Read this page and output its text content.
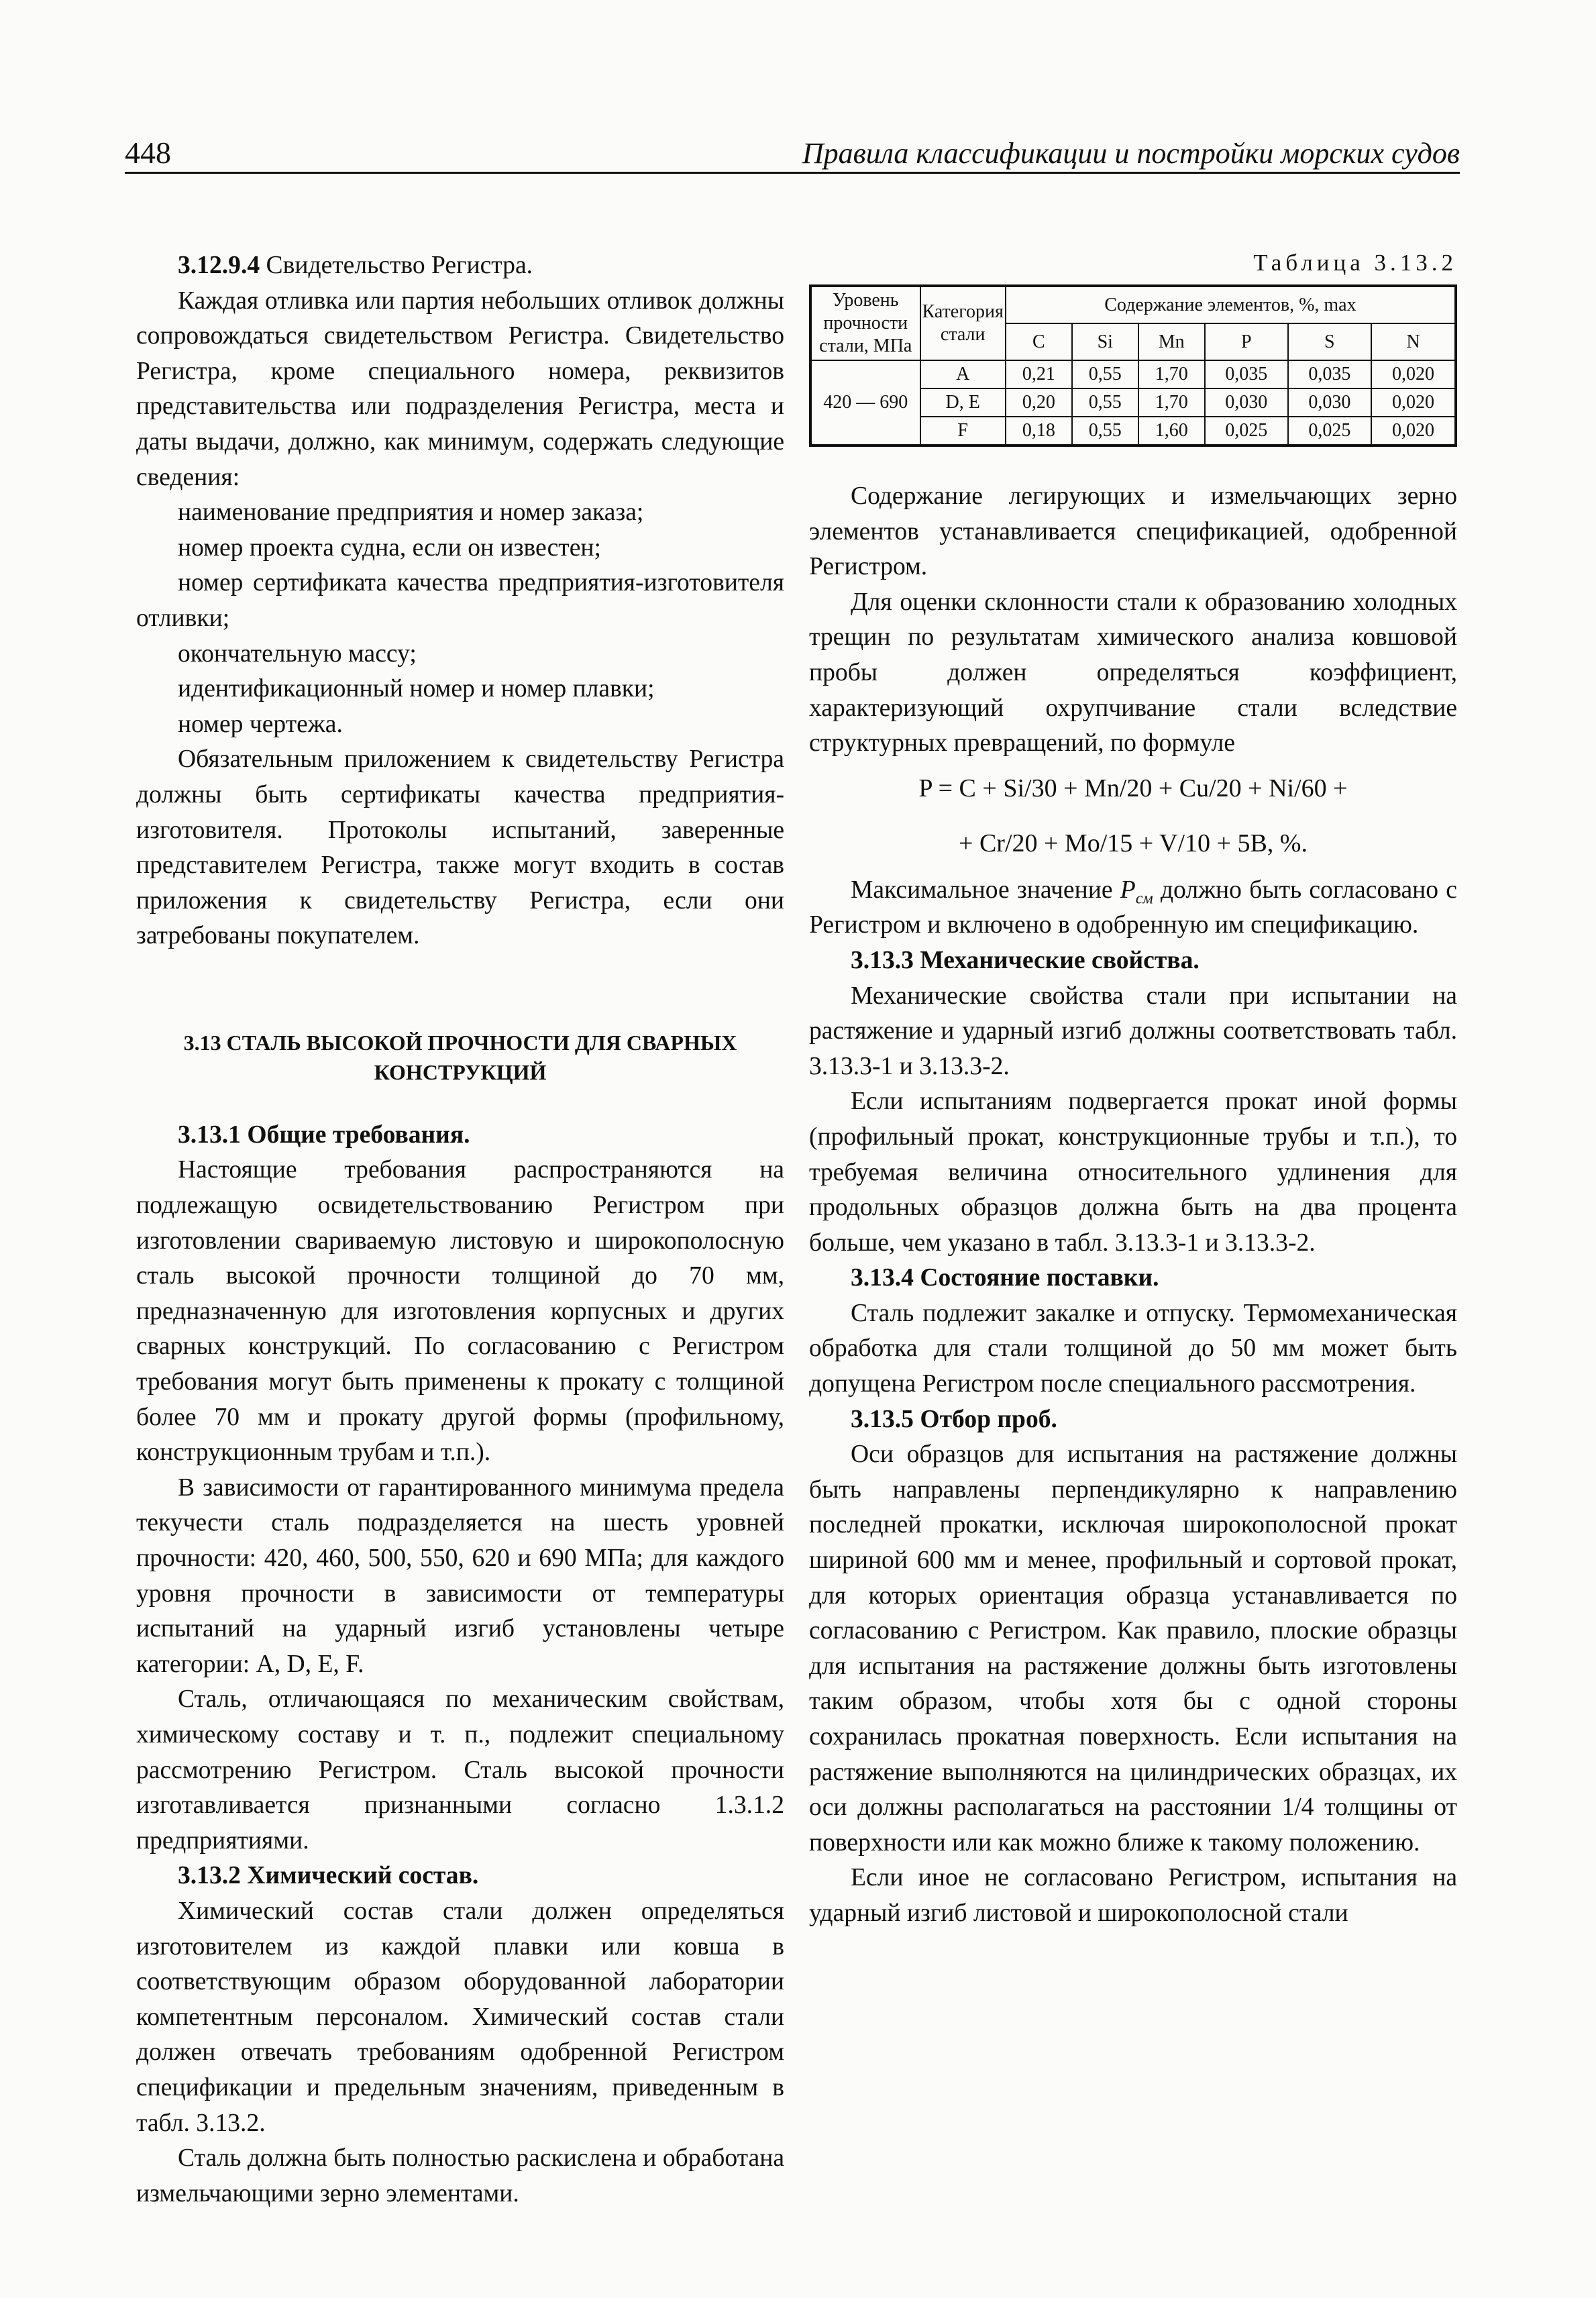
448	Правила классификации и постройки морских судов

3.12.9.4 Свидетельство Регистра.

Каждая отливка или партия небольших отливок должны сопровождаться свидетельством Регистра. Свидетельство Регистра, кроме специального номера, реквизитов представительства или подразделения Регистра, места и даты выдачи, должно, как минимум, содержать следующие сведения:

наименование предприятия и номер заказа;
номер проекта судна, если он известен;

номер сертификата качества предприятия-изготовителя отливки;

окончательную массу;
идентификационный номер и номер плавки;
номер чертежа.

Обязательным приложением к свидетельству Регистра должны быть сертификаты качества предприятия-изготовителя. Протоколы испытаний, заверенные представителем Регистра, также могут входить в состав приложения к свидетельству Регистра, если они затребованы покупателем.

3.13 СТАЛЬ ВЫСОКОЙ ПРОЧНОСТИ ДЛЯ СВАРНЫХ
КОНСТРУКЦИЙ

3.13.1 Общие требования.

Настоящие требования распространяются на подлежащую освидетельствованию Регистром при изготовлении свариваемую листовую и широкополосную сталь высокой прочности толщиной до 70 мм, предназначенную для изготовления корпусных и других сварных конструкций. По согласованию с Регистром требования могут быть применены к прокату с толщиной более 70 мм и прокату другой формы (профильному, конструкционным трубам и т.п.).

В зависимости от гарантированного минимума предела текучести сталь подразделяется на шесть уровней прочности: 420, 460, 500, 550, 620 и 690 МПа; для каждого уровня прочности в зависимости от температуры испытаний на ударный изгиб установлены четыре категории: A, D, E, F.

Сталь, отличающаяся по механическим свойствам, химическому составу и т. п., подлежит специальному рассмотрению Регистром. Сталь высокой прочности изготавливается признанными согласно 1.3.1.2 предприятиями.

3.13.2 Химический состав.

Химический состав стали должен определяться изготовителем из каждой плавки или ковша в соответствующим образом оборудованной лаборатории компетентным персоналом. Химический состав стали должен отвечать требованиям одобренной Регистром спецификации и предельным значениям, приведенным в табл. 3.13.2.

Сталь должна быть полностью раскислена и обработана измельчающими зерно элементами.

Таблица 3.13.2
Уровень прочности стали, МПа	Категория стали	Содержание элементов, %, max					
		C	Si	Mn	P	S	N
420 — 690	A	0,21	0,55	1,70	0,035	0,035	0,020
	D, E	0,20	0,55	1,70	0,030	0,030	0,020
	F	0,18	0,55	1,60	0,025	0,025	0,020

Содержание легирующих и измельчающих зерно элементов устанавливается спецификацией, одобренной Регистром.

Для оценки склонности стали к образованию холодных трещин по результатам химического анализа ковшовой пробы должен определяться коэффициент, характеризующий охрупчивание стали вследствие структурных превращений, по формуле

P = C + Si/30 + Mn/20 + Cu/20 + Ni/60 +
+ Cr/20 + Mo/15 + V/10 + 5B, %.

Максимальное значение $P_{см}$ должно быть согласовано с Регистром и включено в одобренную им спецификацию.

3.13.3 Механические свойства.

Механические свойства стали при испытании на растяжение и ударный изгиб должны соответствовать табл. 3.13.3-1 и 3.13.3-2.

Если испытаниям подвергается прокат иной формы (профильный прокат, конструкционные трубы и т.п.), то требуемая величина относительного удлинения для продольных образцов должна быть на два процента больше, чем указано в табл. 3.13.3-1 и 3.13.3-2.

3.13.4 Состояние поставки.

Сталь подлежит закалке и отпуску. Термомеханическая обработка для стали толщиной до 50 мм может быть допущена Регистром после специального рассмотрения.

3.13.5 Отбор проб.

Оси образцов для испытания на растяжение должны быть направлены перпендикулярно к направлению последней прокатки, исключая широкополосной прокат шириной 600 мм и менее, профильный и сортовой прокат, для которых ориентация образца устанавливается по согласованию с Регистром. Как правило, плоские образцы для испытания на растяжение должны быть изготовлены таким образом, чтобы хотя бы с одной стороны сохранилась прокатная поверхность. Если испытания на растяжение выполняются на цилиндрических образцах, их оси должны располагаться на расстоянии 1/4 толщины от поверхности или как можно ближе к такому положению.

Если иное не согласовано Регистром, испытания на ударный изгиб листовой и широкополосной стали
